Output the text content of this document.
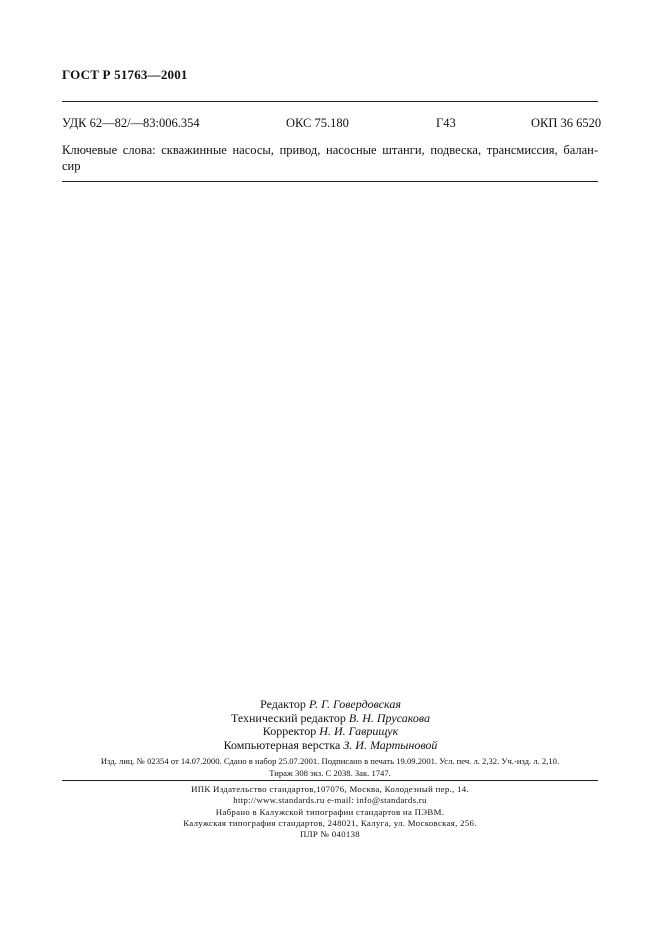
ГОСТ Р 51763—2001
УДК 62—82/—83:006.354	ОКС 75.180	Г43	ОКП 36 6520
Ключевые слова: скважинные насосы, привод, насосные штанги, подвеска, трансмиссия, балан-
сир
Редактор Р. Г. Говердовская
Технический редактор В. Н. Прусакова
Корректор Н. И. Гаврищук
Компьютерная верстка З. И. Мартыновой
Изд. лиц. № 02354 от 14.07.2000. Сдано в набор 25.07.2001. Подписано в печать 19.09.2001. Усл. печ. л. 2,32. Уч.-изд. л. 2,10.
Тираж 308 экз. С 2038. Зак. 1747.
ИПК Издательство стандартов,107076, Москва, Колодезный пер., 14.
http://www.standards.ru e-mail: info@standards.ru
Набрано в Калужской типографии стандартов на ПЭВМ.
Калужская типография стандартов, 248021, Калуга, ул. Московская, 256.
ПЛР № 040138
